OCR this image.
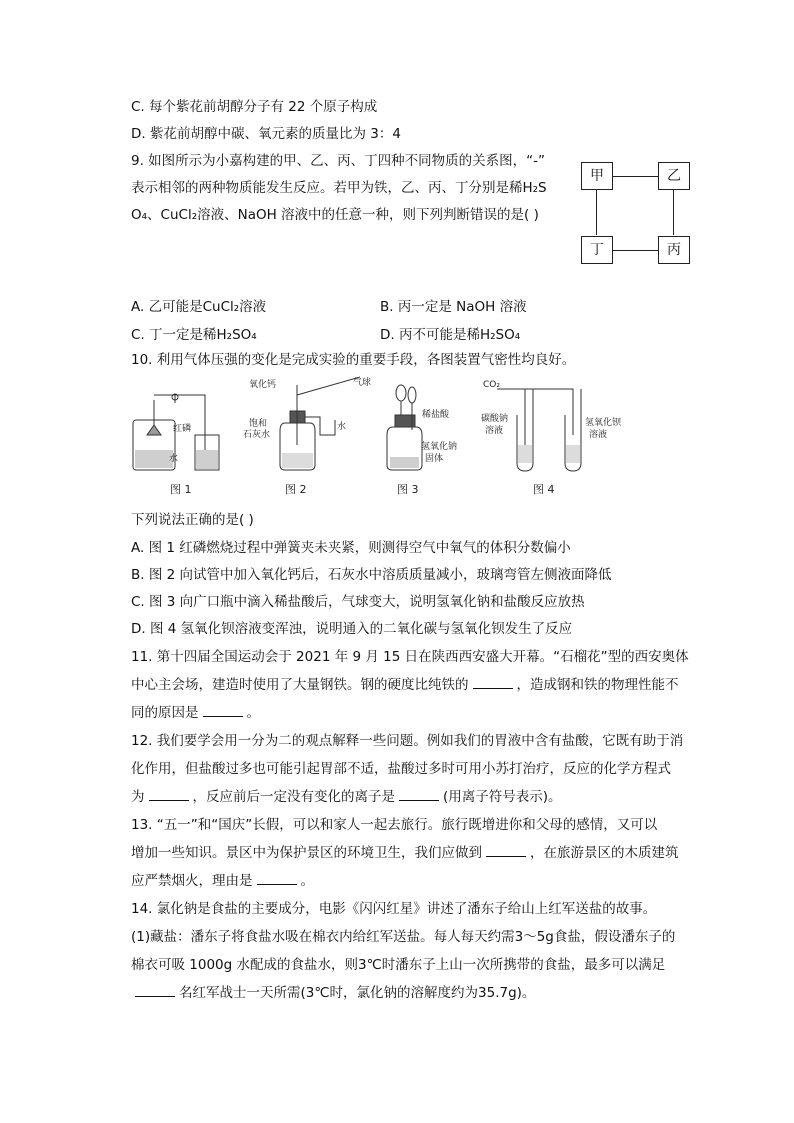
C. 每个紫花前胡醇分子有 22 个原子构成
D. 紫花前胡醇中碳、氧元素的质量比为 3：4
9. 如图所示为小嘉构建的甲、乙、丙、丁四种不同物质的关系图，“-”
表示相邻的两种物质能发生反应。若甲为铁，乙、丙、丁分别是稀H₂S
O₄、CuCl₂溶液、NaOH 溶液中的任意一种，则下列判断错误的是( )
甲	乙
丁	丙
A. 乙可能是CuCl₂溶液	B. 丙一定是 NaOH 溶液
C. 丁一定是稀H₂SO₄	D. 丙不可能是稀H₂SO₄
10. 利用气体压强的变化是完成实验的重要手段，各图装置气密性均良好。
红磷
水
氧化钙
饱和
石灰水
水
气球
稀盐酸
氢氧化钠
固体
CO₂
碳酸钠
溶液
氢氧化钡
溶液
图 1	图 2	图 3	图 4
下列说法正确的是( )
A. 图 1 红磷燃烧过程中弹簧夹未夹紧，则测得空气中氧气的体积分数偏小
B. 图 2 向试管中加入氧化钙后，石灰水中溶质质量减小，玻璃弯管左侧液面降低
C. 图 3 向广口瓶中滴入稀盐酸后，气球变大，说明氢氧化钠和盐酸反应放热
D. 图 4 氢氧化钡溶液变浑浊，说明通入的二氧化碳与氢氧化钡发生了反应
11. 第十四届全国运动会于 2021 年 9 月 15 日在陕西西安盛大开幕。“石榴花”型的西安奥体
中心主会场，建造时使用了大量钢铁。钢的硬度比纯铁的	，造成钢和铁的物理性能不
同的原因是	。
12. 我们要学会用一分为二的观点解释一些问题。例如我们的胃液中含有盐酸，它既有助于消
化作用，但盐酸过多也可能引起胃部不适，盐酸过多时可用小苏打治疗，反应的化学方程式
为	，反应前后一定没有变化的离子是	(用离子符号表示)。
13. “五一”和“国庆”长假，可以和家人一起去旅行。旅行既增进你和父母的感情，又可以
增加一些知识。景区中为保护景区的环境卫生，我们应做到	，在旅游景区的木质建筑
应严禁烟火，理由是	。
14. 氯化钠是食盐的主要成分，电影《闪闪红星》讲述了潘东子给山上红军送盐的故事。
(1)藏盐：潘东子将食盐水吸在棉衣内给红军送盐。每人每天约需3～5g食盐，假设潘东子的
棉衣可吸 1000g 水配成的食盐水，则3℃时潘东子上山一次所携带的食盐，最多可以满足
名红军战士一天所需(3℃时，氯化钠的溶解度约为35.7g)。
